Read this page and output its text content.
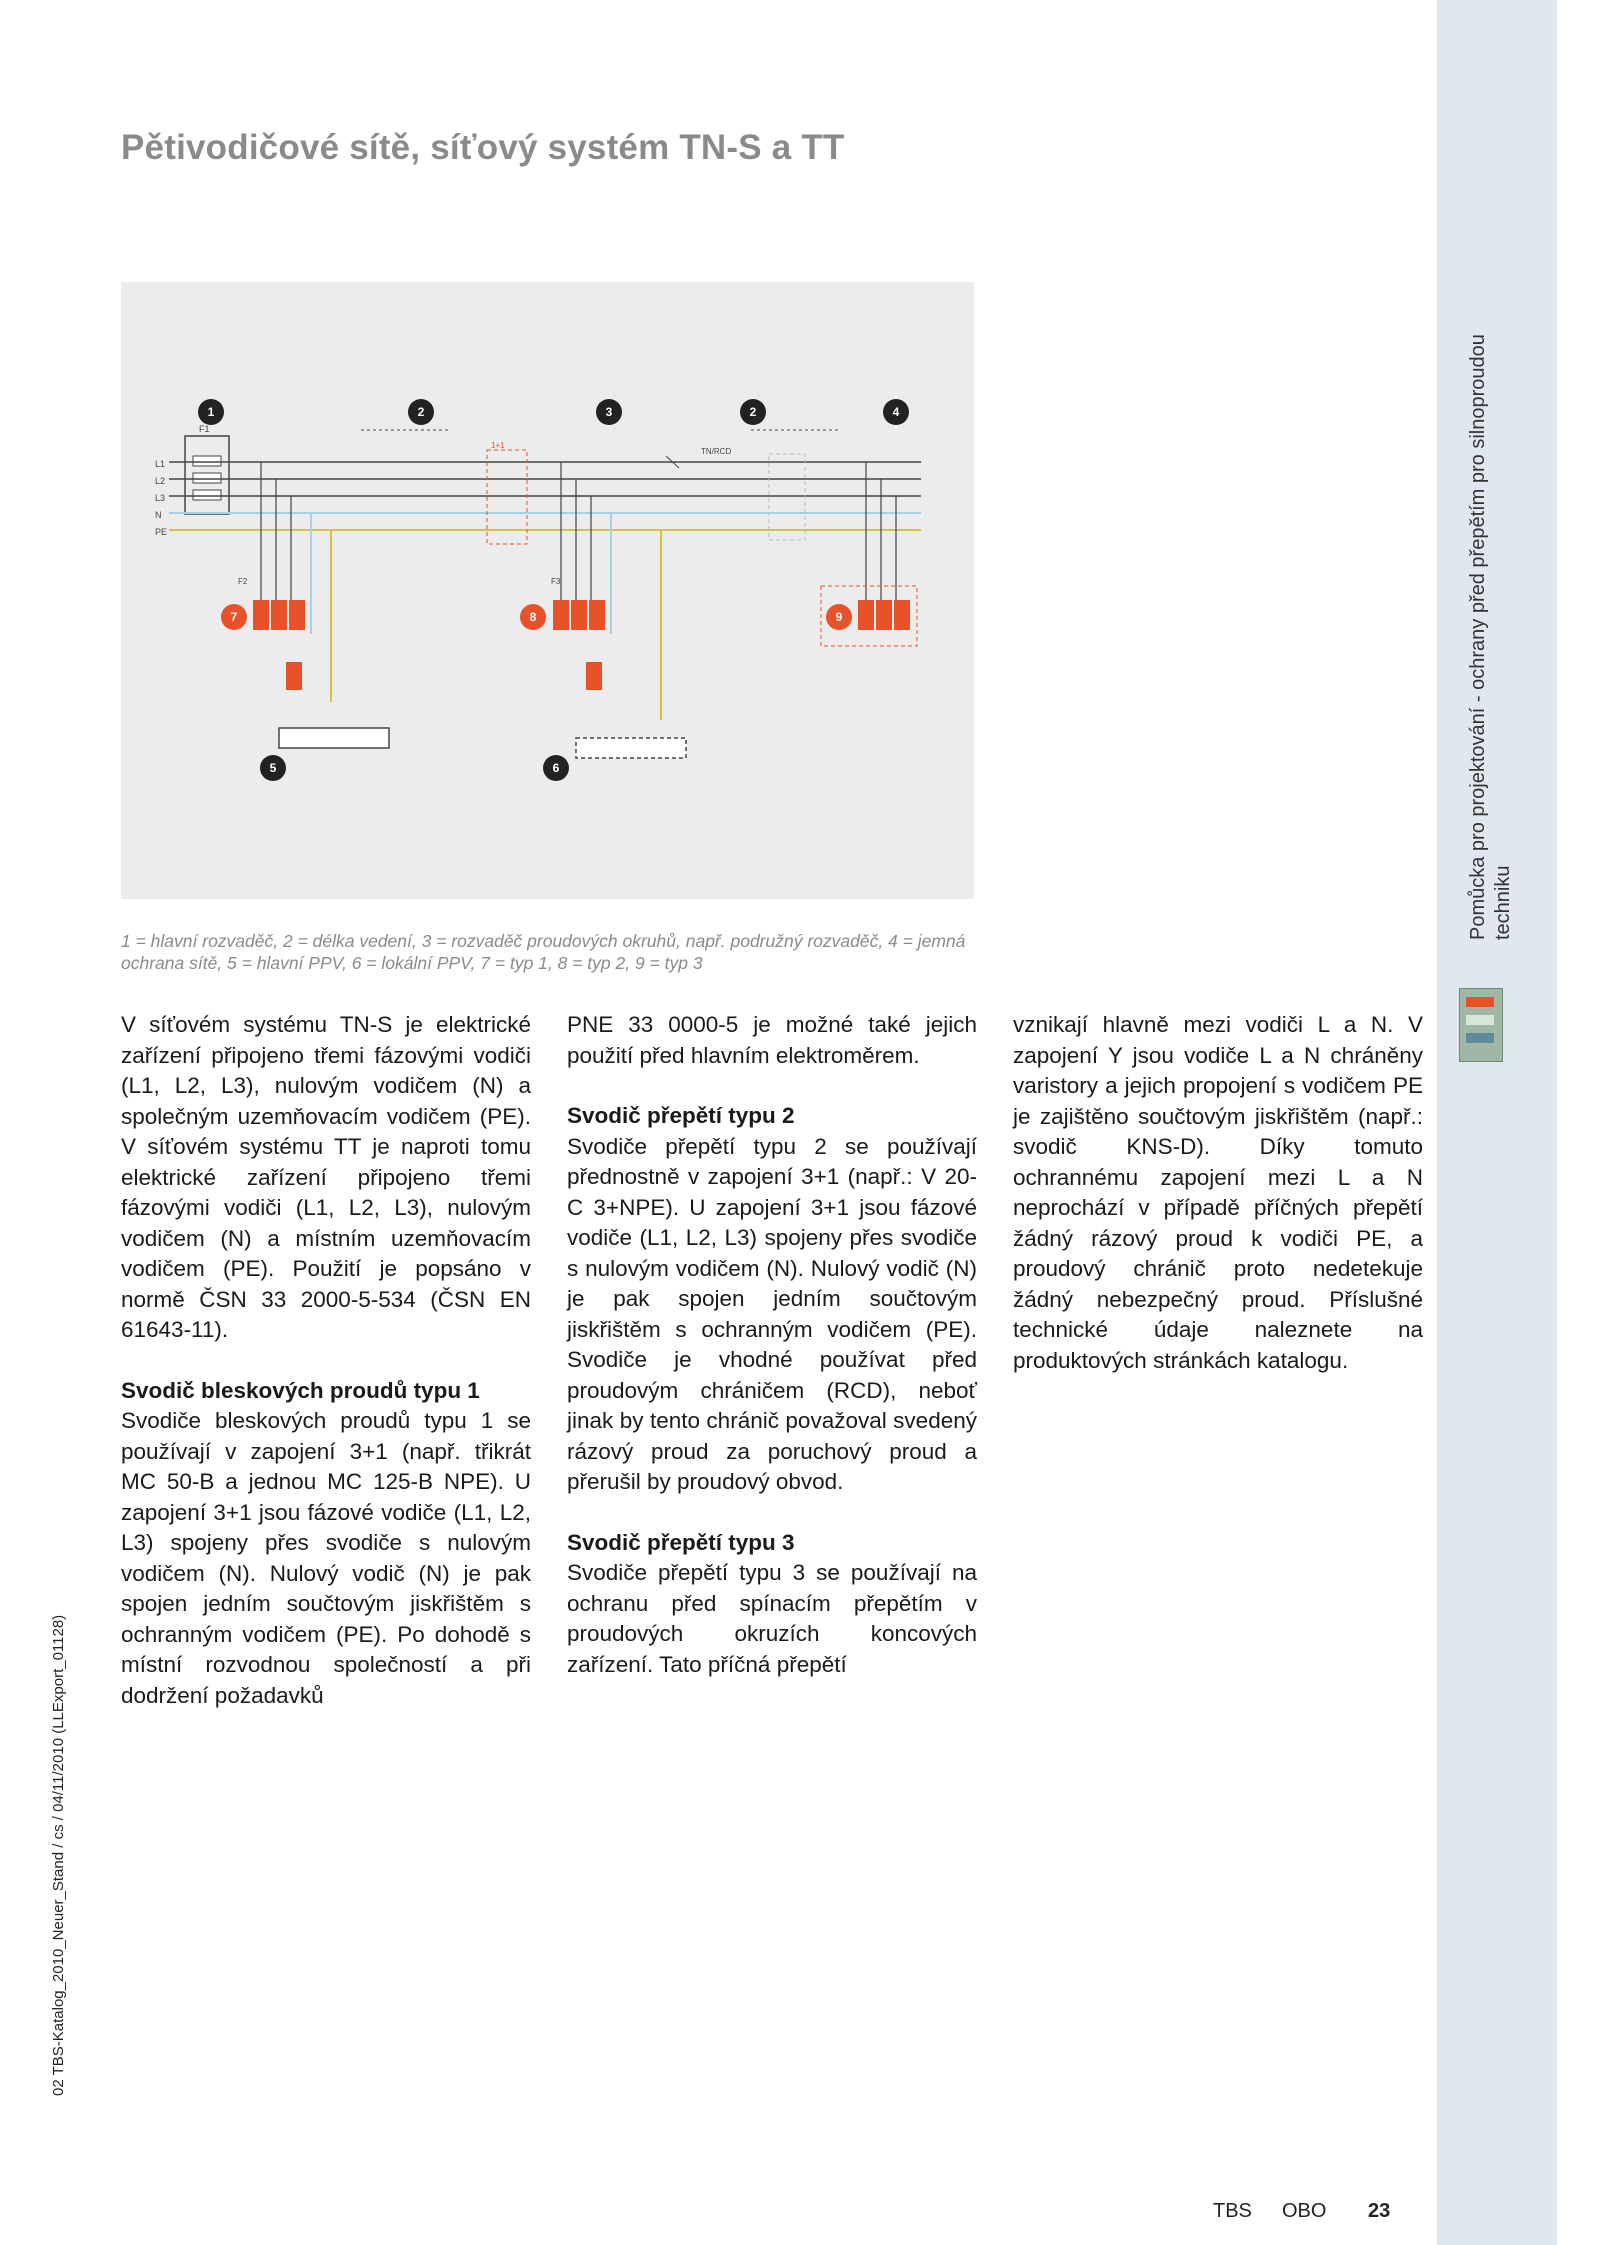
Pětivodičové sítě, síťový systém TN-S a TT
F1
L1
L2
L3
N
PE
1+1
TN/RCD
F2	F3
1	2	3	2	4
7	8	9
5	6
1 = hlavní rozvaděč, 2 = délka vedení, 3 = rozvaděč proudových okruhů, např. podružný rozvaděč, 4 = jemná ochrana sítě, 5 = hlavní PPV, 6 = lokální PPV, 7 = typ 1, 8 = typ 2, 9 = typ 3

V síťovém systému TN-S je elektrické zařízení připojeno třemi fázovými vodiči (L1, L2, L3), nulovým vodičem (N) a společným uzemňovacím vodičem (PE). V síťovém systému TT je naproti tomu elektrické zařízení připojeno třemi fázovými vodiči (L1, L2, L3), nulovým vodičem (N) a místním uzemňovacím vodičem (PE). Použití je popsáno v normě ČSN 33 2000-5-534 (ČSN EN 61643-11).

Svodič bleskových proudů typu 1

Svodiče bleskových proudů typu 1 se používají v zapojení 3+1 (např. třikrát MC 50-B a jednou MC 125-B NPE). U zapojení 3+1 jsou fázové vodiče (L1, L2, L3) spojeny přes svodiče s nulovým vodičem (N). Nulový vodič (N) je pak spojen jedním součtovým jiskřištěm s ochranným vodičem (PE). Po dohodě s místní rozvodnou společností a při dodržení požadavků

PNE 33 0000-5 je možné také jejich použití před hlavním elektroměrem.

Svodič přepětí typu 2

Svodiče přepětí typu 2 se používají přednostně v zapojení 3+1 (např.: V 20-C 3+NPE). U zapojení 3+1 jsou fázové vodiče (L1, L2, L3) spojeny přes svodiče s nulovým vodičem (N). Nulový vodič (N) je pak spojen jedním součtovým jiskřištěm s ochranným vodičem (PE). Svodiče je vhodné používat před proudovým chráničem (RCD), neboť jinak by tento chránič považoval svedený rázový proud za poruchový proud a přerušil by proudový obvod.

Svodič přepětí typu 3

Svodiče přepětí typu 3 se používají na ochranu před spínacím přepětím v proudových okruzích koncových zařízení. Tato příčná přepětí

vznikají hlavně mezi vodiči L a N. V zapojení Y jsou vodiče L a N chráněny varistory a jejich propojení s vodičem PE je zajištěno součtovým jiskřištěm (např.: svodič KNS-D). Díky tomuto ochrannému zapojení mezi L a N neprochází v případě příčných přepětí žádný rázový proud k vodiči PE, a proudový chránič proto nedetekuje žádný nebezpečný proud. Příslušné technické údaje naleznete na produktových stránkách katalogu.

Pomůcka pro projektování - ochrany před přepětím pro silnoproudou techniku
02 TBS-Katalog_2010_Neuer_Stand / cs / 04/11/2010 (LLExport_01128)
TBS OBO 23
